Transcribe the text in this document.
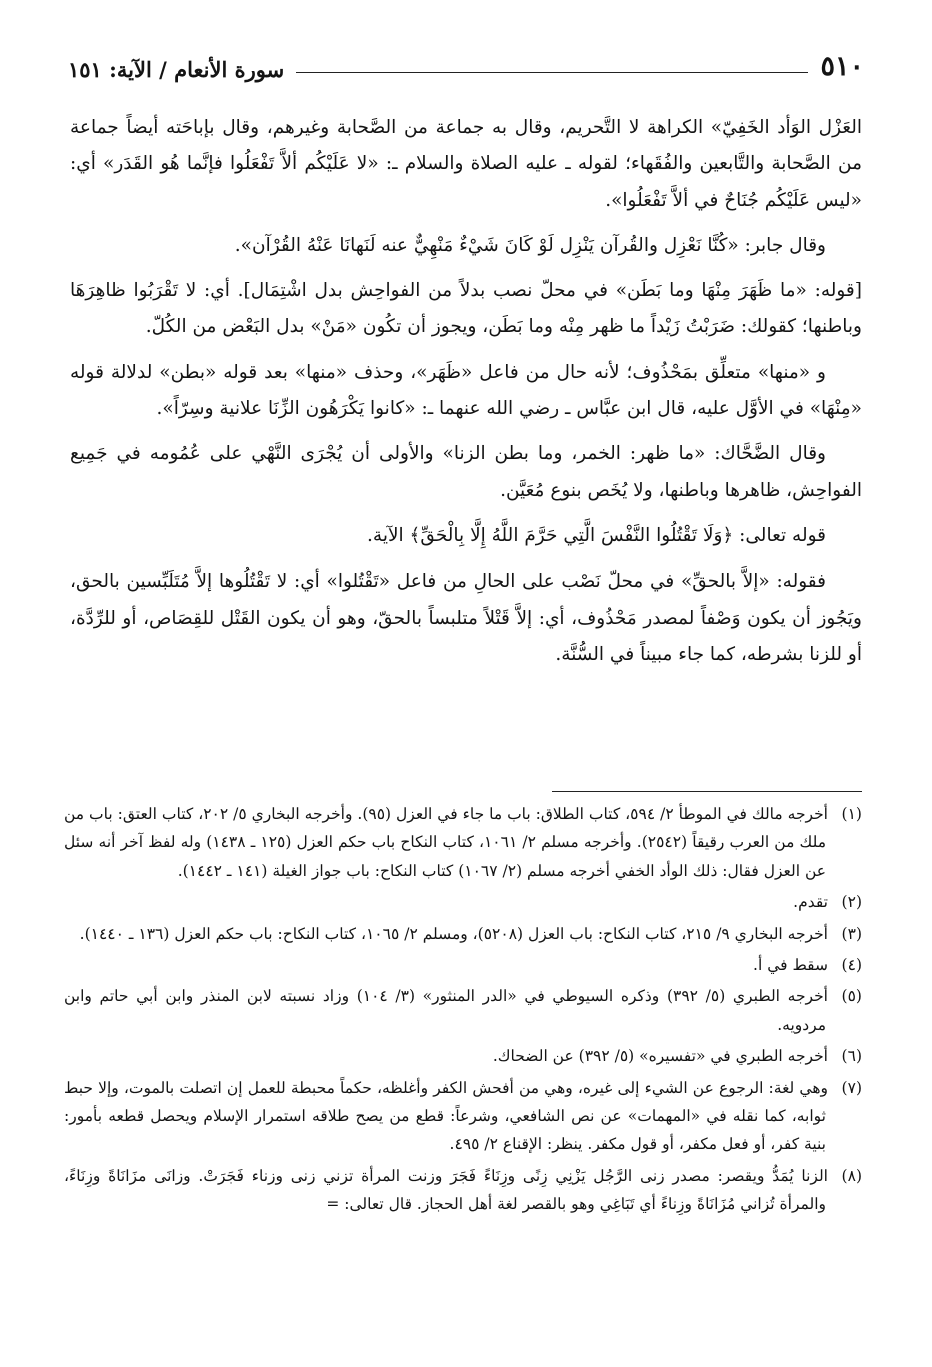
٥١٠
سورة الأنعام / الآية: ١٥١

العَزْل الوَأد الخَفِيّ» الكراهة لا التَّحريم، وقال به جماعة من الصَّحابة وغيرهم، وقال بإباحَته أيضاً جماعة من الصَّحابة والتَّابعين والفُقَهاء؛ لقوله ـ عليه الصلاة والسلام ـ: «لا عَلَيْكُم ألاَّ تَفْعَلُوا فإنَّما هُو القَدَر» أي: «ليس عَلَيْكُم جُنَاحٌ في ألاَّ تَفْعَلُوا».

وقال جابر: «كُنَّا نَعْزِل والقُرآن يَنْزِل لَوْ كَانَ شَيْءٌ مَنْهِيٌّ عنه لَنَهانَا عَنْهُ القُرْآن».

[قوله: «ما ظَهَرَ مِنْهَا وما بَطَن» في محلّ نصب بدلاً من الفواحِش بدل اشْتِمَال]. أي: لا تَقْرَبُوا ظاهِرَهَا وباطنها؛ كقولك: ضَرَبْتُ زَيْداً ما ظهر مِنْه وما بَطَن، ويجوز أن تكُون «مَنْ» بدل البَعْض من الكُلّ.

و «منها» متعلِّق بمَحْذُوف؛ لأنه حال من فاعل «ظَهَر»، وحذف «منها» بعد قوله «بطن» لدلالة قوله «مِنْهَا» في الأوَّل عليه، قال ابن عبَّاس ـ رضي الله عنهما ـ: «كانوا يَكْرَهُون الزِّنَا علانية وسِرّاً».

وقال الضَّحَّاك: «ما ظهر: الخمر، وما بطن الزنا» والأولى أن يُجْرَى النَّهْي على عُمُومه في جَمِيع الفواحِش، ظاهرها وباطنها، ولا يُخَص بنوع مُعَيَّن.

قوله تعالى: ﴿وَلَا تَقْتُلُوا النَّفْسَ الَّتِي حَرَّمَ اللَّهُ إِلَّا بِالْحَقِّ﴾ الآية.

فقوله: «إلاَّ بالحقِّ» في محلّ نَصْب على الحالِ من فاعل «تَقْتُلوا» أي: لا تَقْتُلُوها إلاَّ مُتَلَبِّسين بالحق، ويَجُوز أن يكون وَصْفاً لمصدر مَحْذُوف، أي: إلاَّ قَتْلاً متلبساً بالحقّ، وهو أن يكون القَتْل للقِصَاص، أو للرِّدَّة، أو للزنا بشرطه، كما جاء مبيناً في السُّنَّة.

(١)أخرجه مالك في الموطأ ٢/ ٥٩٤، كتاب الطلاق: باب ما جاء في العزل (٩٥). وأخرجه البخاري ٥/ ٢٠٢، كتاب العتق: باب من ملك من العرب رقيقاً (٢٥٤٢). وأخرجه مسلم ٢/ ١٠٦١، كتاب النكاح باب حكم العزل (١٢٥ ـ ١٤٣٨) وله لفظ آخر أنه سئل عن العزل فقال: ذلك الوأد الخفي أخرجه مسلم (٢/ ١٠٦٧) كتاب النكاح: باب جواز الغيلة (١٤١ ـ ١٤٤٢).

(٢)تقدم.

(٣)أخرجه البخاري ٩/ ٢١٥، كتاب النكاح: باب العزل (٥٢٠٨)، ومسلم ٢/ ١٠٦٥، كتاب النكاح: باب حكم العزل (١٣٦ ـ ١٤٤٠).

(٤)سقط في أ.

(٥)أخرجه الطبري (٥/ ٣٩٢) وذكره السيوطي في «الدر المنثور» (٣/ ١٠٤) وزاد نسبته لابن المنذر وابن أبي حاتم وابن مردويه.

(٦)أخرجه الطبري في «تفسيره» (٥/ ٣٩٢) عن الضحاك.

(٧)وهي لغة: الرجوع عن الشيء إلى غيره، وهي من أفحش الكفر وأغلظه، حكماً محبطة للعمل إن اتصلت بالموت، وإلا حبط ثوابه، كما نقله في «المهمات» عن نص الشافعي، وشرعاً: قطع من يصح طلاقه استمرار الإسلام ويحصل قطعه بأمور: بنية كفر، أو فعل مكفر، أو قول مكفر. ينظر: الإقناع ٢/ ٤٩٥.

(٨)الزنا يُمَدُّ ويقصر: مصدر زنى الرَّجُل يَزْنِي زِنًى وزِنَاءً فَجَرَ وزنت المرأة تزني زنى وزناء فَجَرَتْ. وزانَى مزَانَاةً وزِنَاءً، والمرأة تُزاني مُزَانَاةً وزِناءً أي تَبَاغِي وهو بالقصر لغة أهل الحجاز. قال تعالى: =
